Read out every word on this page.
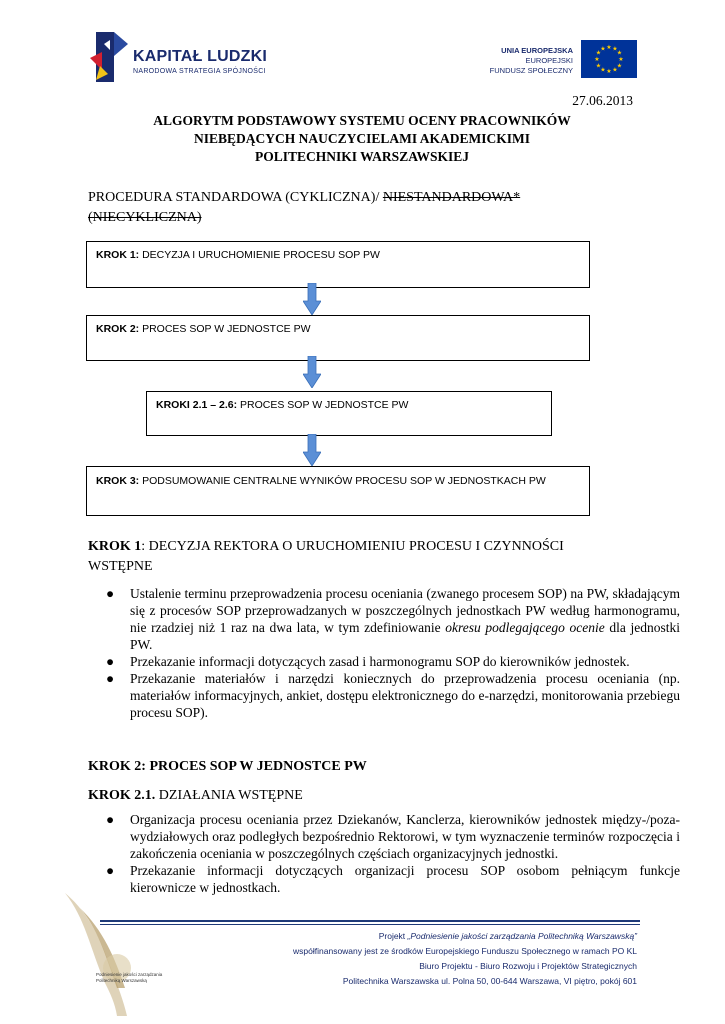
KAPITAŁ LUDZKI
NARODOWA STRATEGIA SPÓJNOŚCI
UNIA EUROPEJSKA
EUROPEJSKI
FUNDUSZ SPOŁECZNY
★ ★
★
★
★
★
★
★
★
★
★
★
27.06.2013
ALGORYTM PODSTAWOWY SYSTEMU OCENY PRACOWNIKÓW
NIEBĘDĄCYCH NAUCZYCIELAMI AKADEMICKIMI
POLITECHNIKI WARSZAWSKIEJ
PROCEDURA STANDARDOWA (CYKLICZNA)/ NIESTANDARDOWA*
(NIECYKLICZNA)
KROK 1: DECYZJA I URUCHOMIENIE PROCESU SOP PW
KROK 2: PROCES SOP W JEDNOSTCE PW
KROKI 2.1 – 2.6: PROCES SOP W JEDNOSTCE PW
KROK 3: PODSUMOWANIE CENTRALNE WYNIKÓW PROCESU SOP W JEDNOSTKACH PW
KROK 1: DECYZJA REKTORA O URUCHOMIENIU PROCESU I CZYNNOŚCI WSTĘPNE
● Ustalenie terminu przeprowadzenia procesu oceniania (zwanego procesem SOP) na PW, składającym się z procesów SOP przeprowadzanych w poszczególnych jednostkach PW według harmonogramu, nie rzadziej niż 1 raz na dwa lata, w tym zdefiniowanie okresu podlegającego ocenie dla jednostki PW.
● Przekazanie informacji dotyczących zasad i harmonogramu SOP do kierowników jednostek.
● Przekazanie materiałów i narzędzi koniecznych do przeprowadzenia procesu oceniania (np. materiałów informacyjnych, ankiet, dostępu elektronicznego do e-narzędzi, monitorowania przebiegu procesu SOP).
KROK 2: PROCES SOP W JEDNOSTCE PW
KROK 2.1. DZIAŁANIA WSTĘPNE
● Organizacja procesu oceniania przez Dziekanów, Kanclerza, kierowników jednostek między-/poza-wydziałowych oraz podległych bezpośrednio Rektorowi, w tym wyznaczenie terminów rozpoczęcia i zakończenia oceniania w poszczególnych częściach organizacyjnych jednostki.
● Przekazanie informacji dotyczących organizacji procesu SOP osobom pełniącym funkcje kierownicze w jednostkach.
Podniesienie jakości zarządzania
Politechniką Warszawską
Projekt „Podniesienie jakości zarządzania Politechniką Warszawską”
współfinansowany jest ze środków Europejskiego Funduszu Społecznego w ramach PO KL
Biuro Projektu - Biuro Rozwoju i Projektów Strategicznych
Politechnika Warszawska ul. Polna 50, 00-644 Warszawa, VI piętro, pokój 601
